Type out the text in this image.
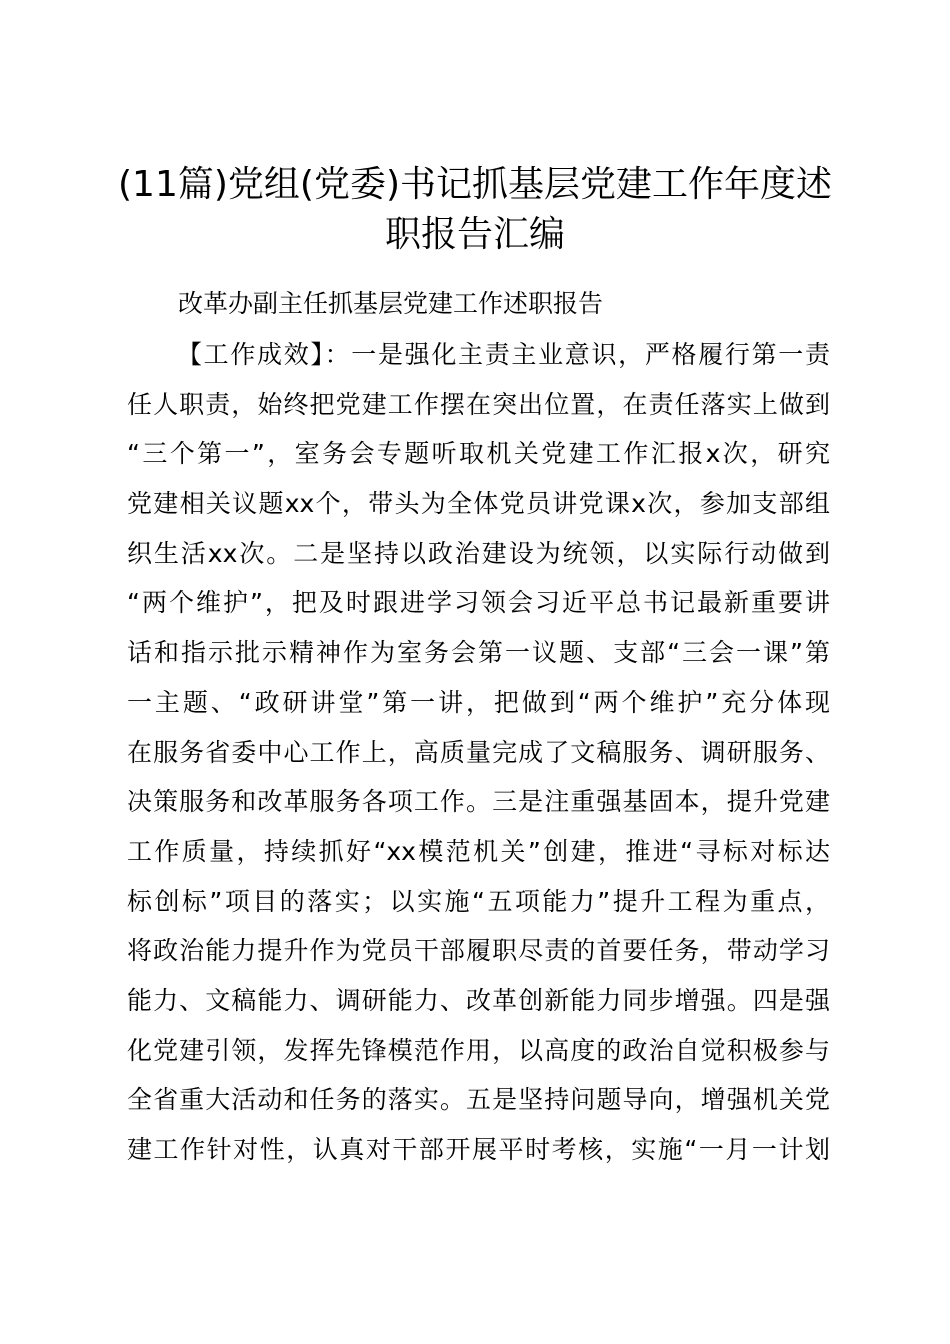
(11篇)党组(党委)书记抓基层党建工作年度述
职报告汇编

改革办副主任抓基层党建工作述职报告

【工作成效】：一是强化主责主业意识，严格履行第一责
任人职责，始终把党建工作摆在突出位置，在责任落实上做到
“三个第一”，室务会专题听取机关党建工作汇报x次，研究
党建相关议题xx个，带头为全体党员讲党课x次，参加支部组
织生活xx次。二是坚持以政治建设为统领，以实际行动做到
“两个维护”，把及时跟进学习领会习近平总书记最新重要讲
话和指示批示精神作为室务会第一议题、支部“三会一课”第
一主题、“政研讲堂”第一讲，把做到“两个维护”充分体现
在服务省委中心工作上，高质量完成了文稿服务、调研服务、
决策服务和改革服务各项工作。三是注重强基固本，提升党建
工作质量，持续抓好“xx模范机关”创建，推进“寻标对标达
标创标”项目的落实；以实施“五项能力”提升工程为重点，
将政治能力提升作为党员干部履职尽责的首要任务，带动学习
能力、文稿能力、调研能力、改革创新能力同步增强。四是强
化党建引领，发挥先锋模范作用，以高度的政治自觉积极参与
全省重大活动和任务的落实。五是坚持问题导向，增强机关党
建工作针对性，认真对干部开展平时考核，实施“一月一计划
